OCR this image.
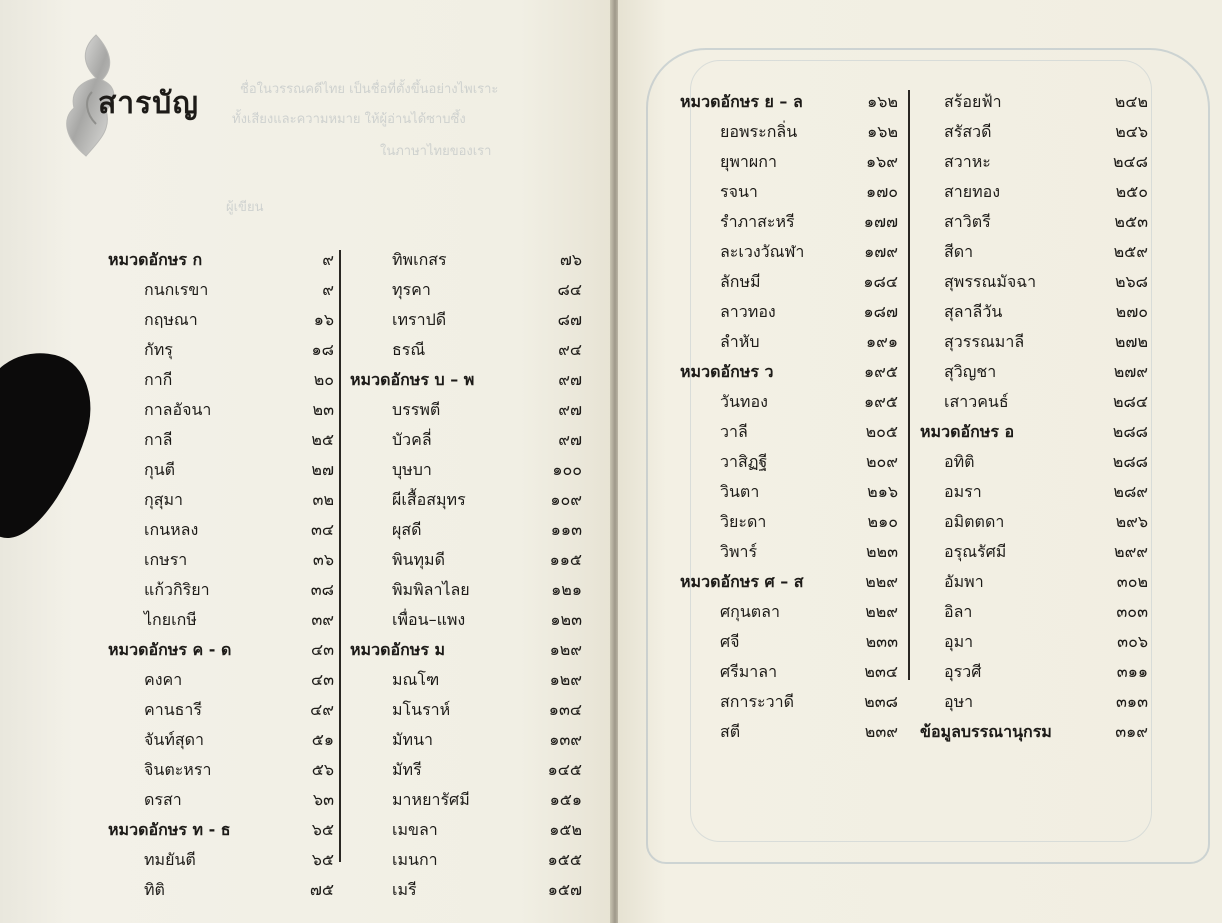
สารบัญ	ชื่อในวรรณคดีไทย เป็นชื่อที่ตั้งขึ้นอย่างไพเราะ
ทั้งเสียงและความหมาย ให้ผู้อ่านได้ซาบซึ้ง
ในภาษาไทยของเรา
ผู้เขียน
หมวดอักษร ก	๙
กนกเรขา	๙
กฤษณา	๑๖
กัทรุ	๑๘
กากี	๒๐
กาลอัจนา	๒๓
กาลี	๒๕
กุนตี	๒๗
กุสุมา	๓๒
เกนหลง	๓๔
เกษรา	๓๖
แก้วกิริยา	๓๘
ไกยเกษี	๓๙
หมวดอักษร ค - ด	๔๓
คงคา	๔๓
คานธารี	๔๙
จันท์สุดา	๕๑
จินตะหรา	๕๖
ดรสา	๖๓
หมวดอักษร ท - ธ	๖๕
ทมยันตี	๖๕
ทิติ	๗๕
ทิพเกสร	๗๖
ทุรคา	๘๔
เทราปดี	๘๗
ธรณี	๙๔
หมวดอักษร บ – พ	๙๗
บรรพตี	๙๗
บัวคลี่	๙๗
บุษบา	๑๐๐
ผีเสื้อสมุทร	๑๐๙
ผุสดี	๑๑๓
พินทุมดี	๑๑๕
พิมพิลาไลย	๑๒๑
เพื่อน–แพง	๑๒๓
หมวดอักษร ม	๑๒๙
มณโฑ	๑๒๙
มโนราห์	๑๓๔
มัทนา	๑๓๙
มัทรี	๑๔๕
มาหยารัศมี	๑๕๑
เมขลา	๑๕๒
เมนกา	๑๕๕
เมรี	๑๕๗
หมวดอักษร ย – ล	๑๖๒
ยอพระกลิ่น	๑๖๒
ยุพาผกา	๑๖๙
รจนา	๑๗๐
รำภาสะหรี	๑๗๗
ละเวงวัณฬา	๑๗๙
ลักษมี	๑๘๔
ลาวทอง	๑๘๗
ลำหับ	๑๙๑
หมวดอักษร ว	๑๙๕
วันทอง	๑๙๕
วาลี	๒๐๕
วาสิฏฐี	๒๐๙
วินตา	๒๑๖
วิยะดา	๒๑๐
วิพาร์	๒๒๓
หมวดอักษร ศ – ส	๒๒๙
ศกุนตลา	๒๒๙
ศจี	๒๓๓
ศรีมาลา	๒๓๔
สการะวาดี	๒๓๘
สตี	๒๓๙
สร้อยฟ้า	๒๔๒
สรัสวดี	๒๔๖
สวาหะ	๒๔๘
สายทอง	๒๕๐
สาวิตรี	๒๕๓
สีดา	๒๕๙
สุพรรณมัจฉา	๒๖๘
สุลาลีวัน	๒๗๐
สุวรรณมาลี	๒๗๒
สุวิญชา	๒๗๙
เสาวคนธ์	๒๘๔
หมวดอักษร อ	๒๘๘
อทิติ	๒๘๘
อมรา	๒๘๙
อมิตตดา	๒๙๖
อรุณรัศมี	๒๙๙
อัมพา	๓๐๒
อิลา	๓๐๓
อุมา	๓๐๖
อุรวศี	๓๑๑
อุษา	๓๑๓
ข้อมูลบรรณานุกรม	๓๑๙
